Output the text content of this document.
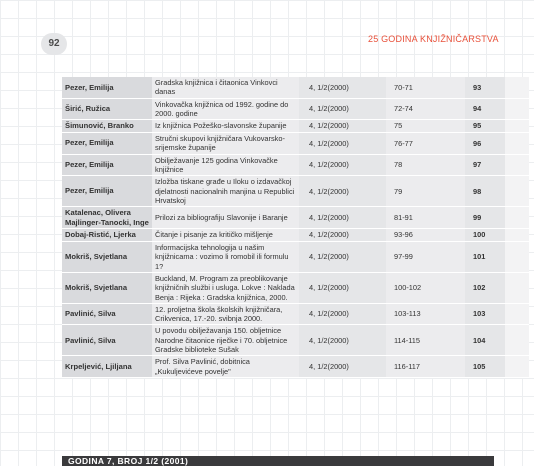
92	25 GODINA KNJIŽNIČARSTVA
Pezer, Emilija	Gradska knjižnica i čitaonica Vinkovci danas	4, 1/2(2000)	70-71	93	
Širić, Ružica	Vinkovačka knjižnica od 1992. godine do 2000. godine	4, 1/2(2000)	72-74	94	
Šimunović, Branko	Iz knjižnica Požeško-slavonske županije	4, 1/2(2000)	75	95	
Pezer, Emilija	Stručni skupovi knjižničara Vukovarsko-srijemske županije	4, 1/2(2000)	76-77	96	
Pezer, Emilija	Obilježavanje 125 godina Vinkovačke knjižnice	4, 1/2(2000)	78	97	
Pezer, Emilija	Izložba tiskane građe u Iloku o izdavačkoj djelatnosti nacionalnih manjina u Republici Hrvatskoj	4, 1/2(2000)	79	98	
Katalenac, Olivera Majlinger-Tanocki, Inge	Prilozi za bibliografiju Slavonije i Baranje	4, 1/2(2000)	81-91	99	
Dobaj-Ristić, Ljerka	Čitanje i pisanje za kritičko mišljenje	4, 1/2(2000)	93-96	100	
Mokriš, Svjetlana	Informacijska tehnologija u našim knjižnicama : vozimo li romobil ili formulu 1?	4, 1/2(2000)	97-99	101	
Mokriš, Svjetlana	Buckland, M. Program za preoblikovanje knjižničnih službi i usluga. Lokve : Naklada Benja : Rijeka : Gradska knjižnica, 2000.	4, 1/2(2000)	100-102	102	
Pavlinić, Silva	12. proljetna škola školskih knjižničara, Crikvenica, 17.-20. svibnja 2000.	4, 1/2(2000)	103-113	103	
Pavlinić, Silva	U povodu obilježavanja 150. obljetnice Narodne čitaonice riječke i 70. obljetnice Gradske biblioteke Sušak	4, 1/2(2000)	114-115	104	
Krpeljević, Ljiljana	Prof. Silva Pavlinić, dobitnica „Kukuljevićeve povelje"	4, 1/2(2000)	116-117	105	
GODINA 7, BROJ 1/2 (2001)
